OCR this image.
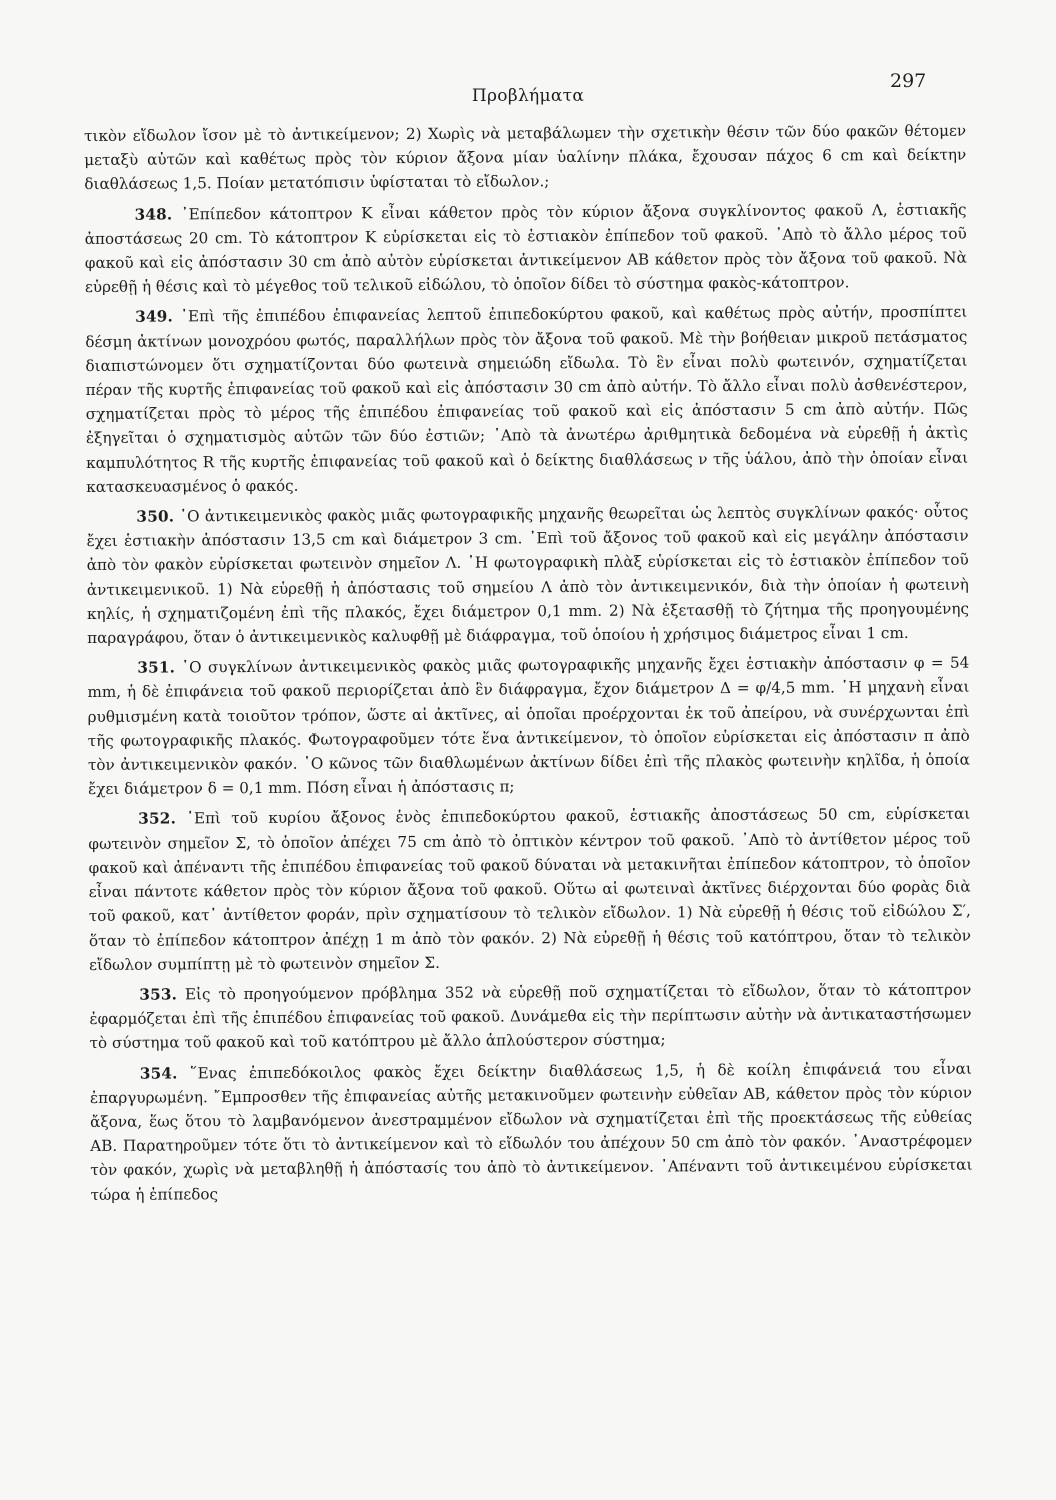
Προβλήματα
297

τικὸν εἴδωλον ἴσον μὲ τὸ ἀντικείμενον; 2) Χωρὶς νὰ μεταβάλωμεν τὴν σχετικὴν θέσιν τῶν δύο φακῶν θέτομεν μεταξὺ αὐτῶν καὶ καθέτως πρὸς τὸν κύριον ἄξονα μίαν ὑαλίνην πλάκα, ἔχουσαν πάχος 6 cm καὶ δείκτην διαθλάσεως 1,5. Ποίαν μετατόπισιν ὑφίσταται τὸ εἴδωλον.;

348. ᾿Επίπεδον κάτοπτρον K εἶναι κάθετον πρὸς τὸν κύριον ἄξονα συγκλίνοντος φακοῦ Λ, ἑστιακῆς ἀποστάσεως 20 cm. Τὸ κάτοπτρον K εὑρίσκεται εἰς τὸ ἑστιακὸν ἐπίπεδον τοῦ φακοῦ. ᾿Απὸ τὸ ἄλλο μέρος τοῦ φακοῦ καὶ εἰς ἀπόστασιν 30 cm ἀπὸ αὐτὸν εὑρίσκεται ἀντικείμενον AB κάθετον πρὸς τὸν ἄξονα τοῦ φακοῦ. Νὰ εὑρεθῇ ἡ θέσις καὶ τὸ μέγεθος τοῦ τελικοῦ εἰδώλου, τὸ ὁποῖον δίδει τὸ σύστημα φακὸς-κάτοπτρον.

349. ᾿Επὶ τῆς ἐπιπέδου ἐπιφανείας λεπτοῦ ἐπιπεδοκύρτου φακοῦ, καὶ καθέτως πρὸς αὐτήν, προσπίπτει δέσμη ἀκτίνων μονοχρόου φωτός, παραλλήλων πρὸς τὸν ἄξονα τοῦ φακοῦ. Μὲ τὴν βοήθειαν μικροῦ πετάσματος διαπιστώνομεν ὅτι σχηματίζονται δύο φωτεινὰ σημειώδη εἴδωλα. Τὸ ἓν εἶναι πολὺ φωτεινόν, σχηματίζεται πέραν τῆς κυρτῆς ἐπιφανείας τοῦ φακοῦ καὶ εἰς ἀπόστασιν 30 cm ἀπὸ αὐτήν. Τὸ ἄλλο εἶναι πολὺ ἀσθενέστερον, σχηματίζεται πρὸς τὸ μέρος τῆς ἐπιπέδου ἐπιφανείας τοῦ φακοῦ καὶ εἰς ἀπόστασιν 5 cm ἀπὸ αὐτήν. Πῶς ἐξηγεῖται ὁ σχηματισμὸς αὐτῶν τῶν δύο ἐστιῶν; ᾿Απὸ τὰ ἀνωτέρω ἀριθμητικὰ δεδομένα νὰ εὑρεθῇ ἡ ἀκτὶς καμπυλότητος R τῆς κυρτῆς ἐπιφανείας τοῦ φακοῦ καὶ ὁ δείκτης διαθλάσεως ν τῆς ὑάλου, ἀπὸ τὴν ὁποίαν εἶναι κατασκευασμένος ὁ φακός.

350. ῾Ο ἀντικειμενικὸς φακὸς μιᾶς φωτογραφικῆς μηχανῆς θεωρεῖται ὡς λεπτὸς συγκλίνων φακός· οὗτος ἔχει ἑστιακὴν ἀπόστασιν 13,5 cm καὶ διάμετρον 3 cm. ᾿Επὶ τοῦ ἄξονος τοῦ φακοῦ καὶ εἰς μεγάλην ἀπόστασιν ἀπὸ τὸν φακὸν εὑρίσκεται φωτεινὸν σημεῖον Λ. ῾Η φωτογραφικὴ πλὰξ εὑρίσκεται εἰς τὸ ἑστιακὸν ἐπίπεδον τοῦ ἀντικειμενικοῦ. 1) Νὰ εὑρεθῇ ἡ ἀπόστασις τοῦ σημείου Λ ἀπὸ τὸν ἀντικειμενικόν, διὰ τὴν ὁποίαν ἡ φωτεινὴ κηλίς, ἡ σχηματιζομένη ἐπὶ τῆς πλακός, ἔχει διάμετρον 0,1 mm. 2) Νὰ ἐξετασθῇ τὸ ζήτημα τῆς προηγουμένης παραγράφου, ὅταν ὁ ἀντικειμενικὸς καλυφθῇ μὲ διάφραγμα, τοῦ ὁποίου ἡ χρήσιμος διάμετρος εἶναι 1 cm.

351. ῾Ο συγκλίνων ἀντικειμενικὸς φακὸς μιᾶς φωτογραφικῆς μηχανῆς ἔχει ἑστιακὴν ἀπόστασιν φ = 54 mm, ἡ δὲ ἐπιφάνεια τοῦ φακοῦ περιορίζεται ἀπὸ ἓν διάφραγμα, ἔχον διάμετρον Δ = φ/4,5 mm. ῾Η μηχανὴ εἶναι ρυθμισμένη κατὰ τοιοῦτον τρόπον, ὥστε αἱ ἀκτῖνες, αἱ ὁποῖαι προέρχονται ἐκ τοῦ ἀπείρου, νὰ συνέρχωνται ἐπὶ τῆς φωτογραφικῆς πλακός. Φωτογραφοῦμεν τότε ἕνα ἀντικείμενον, τὸ ὁποῖον εὑρίσκεται εἰς ἀπόστασιν π ἀπὸ τὸν ἀντικειμενικὸν φακόν. ῾Ο κῶνος τῶν διαθλωμένων ἀκτίνων δίδει ἐπὶ τῆς πλακὸς φωτεινὴν κηλῖδα, ἡ ὁποία ἔχει διάμετρον δ = 0,1 mm. Πόση εἶναι ἡ ἀπόστασις π;

352. ᾿Επὶ τοῦ κυρίου ἄξονος ἑνὸς ἐπιπεδοκύρτου φακοῦ, ἑστιακῆς ἀποστάσεως 50 cm, εὑρίσκεται φωτεινὸν σημεῖον Σ, τὸ ὁποῖον ἀπέχει 75 cm ἀπὸ τὸ ὀπτικὸν κέντρον τοῦ φακοῦ. ᾿Απὸ τὸ ἀντίθετον μέρος τοῦ φακοῦ καὶ ἀπέναντι τῆς ἐπιπέδου ἐπιφανείας τοῦ φακοῦ δύναται νὰ μετακινῆται ἐπίπεδον κάτοπτρον, τὸ ὁποῖον εἶναι πάντοτε κάθετον πρὸς τὸν κύριον ἄξονα τοῦ φακοῦ. Οὕτω αἱ φωτειναὶ ἀκτῖνες διέρχονται δύο φορὰς διὰ τοῦ φακοῦ, κατ᾿ ἀντίθετον φοράν, πρὶν σχηματίσουν τὸ τελικὸν εἴδωλον. 1) Νὰ εὑρεθῇ ἡ θέσις τοῦ εἰδώλου Σ′, ὅταν τὸ ἐπίπεδον κάτοπτρον ἀπέχῃ 1 m ἀπὸ τὸν φακόν. 2) Νὰ εὑρεθῇ ἡ θέσις τοῦ κατόπτρου, ὅταν τὸ τελικὸν εἴδωλον συμπίπτῃ μὲ τὸ φωτεινὸν σημεῖον Σ.

353. Εἰς τὸ προηγούμενον πρόβλημα 352 νὰ εὑρεθῇ ποῦ σχηματίζεται τὸ εἴδωλον, ὅταν τὸ κάτοπτρον ἐφαρμόζεται ἐπὶ τῆς ἐπιπέδου ἐπιφανείας τοῦ φακοῦ. Δυνάμεθα εἰς τὴν περίπτωσιν αὐτὴν νὰ ἀντικαταστήσωμεν τὸ σύστημα τοῦ φακοῦ καὶ τοῦ κατόπτρου μὲ ἄλλο ἁπλούστερον σύστημα;

354. ῞Ενας ἐπιπεδόκοιλος φακὸς ἔχει δείκτην διαθλάσεως 1,5, ἡ δὲ κοίλη ἐπιφάνειά του εἶναι ἐπαργυρωμένη. ῎Εμπροσθεν τῆς ἐπιφανείας αὐτῆς μετακινοῦμεν φωτεινὴν εὐθεῖαν AB, κάθετον πρὸς τὸν κύριον ἄξονα, ἕως ὅτου τὸ λαμβανόμενον ἀνεστραμμένον εἴδωλον νὰ σχηματίζεται ἐπὶ τῆς προεκτάσεως τῆς εὐθείας AB. Παρατηροῦμεν τότε ὅτι τὸ ἀντικείμενον καὶ τὸ εἴδωλόν του ἀπέχουν 50 cm ἀπὸ τὸν φακόν. ᾿Αναστρέφομεν τὸν φακόν, χωρὶς νὰ μεταβληθῇ ἡ ἀπόστασίς του ἀπὸ τὸ ἀντικείμενον. ᾿Απέναντι τοῦ ἀντικειμένου εὑρίσκεται τώρα ἡ ἐπίπεδος
